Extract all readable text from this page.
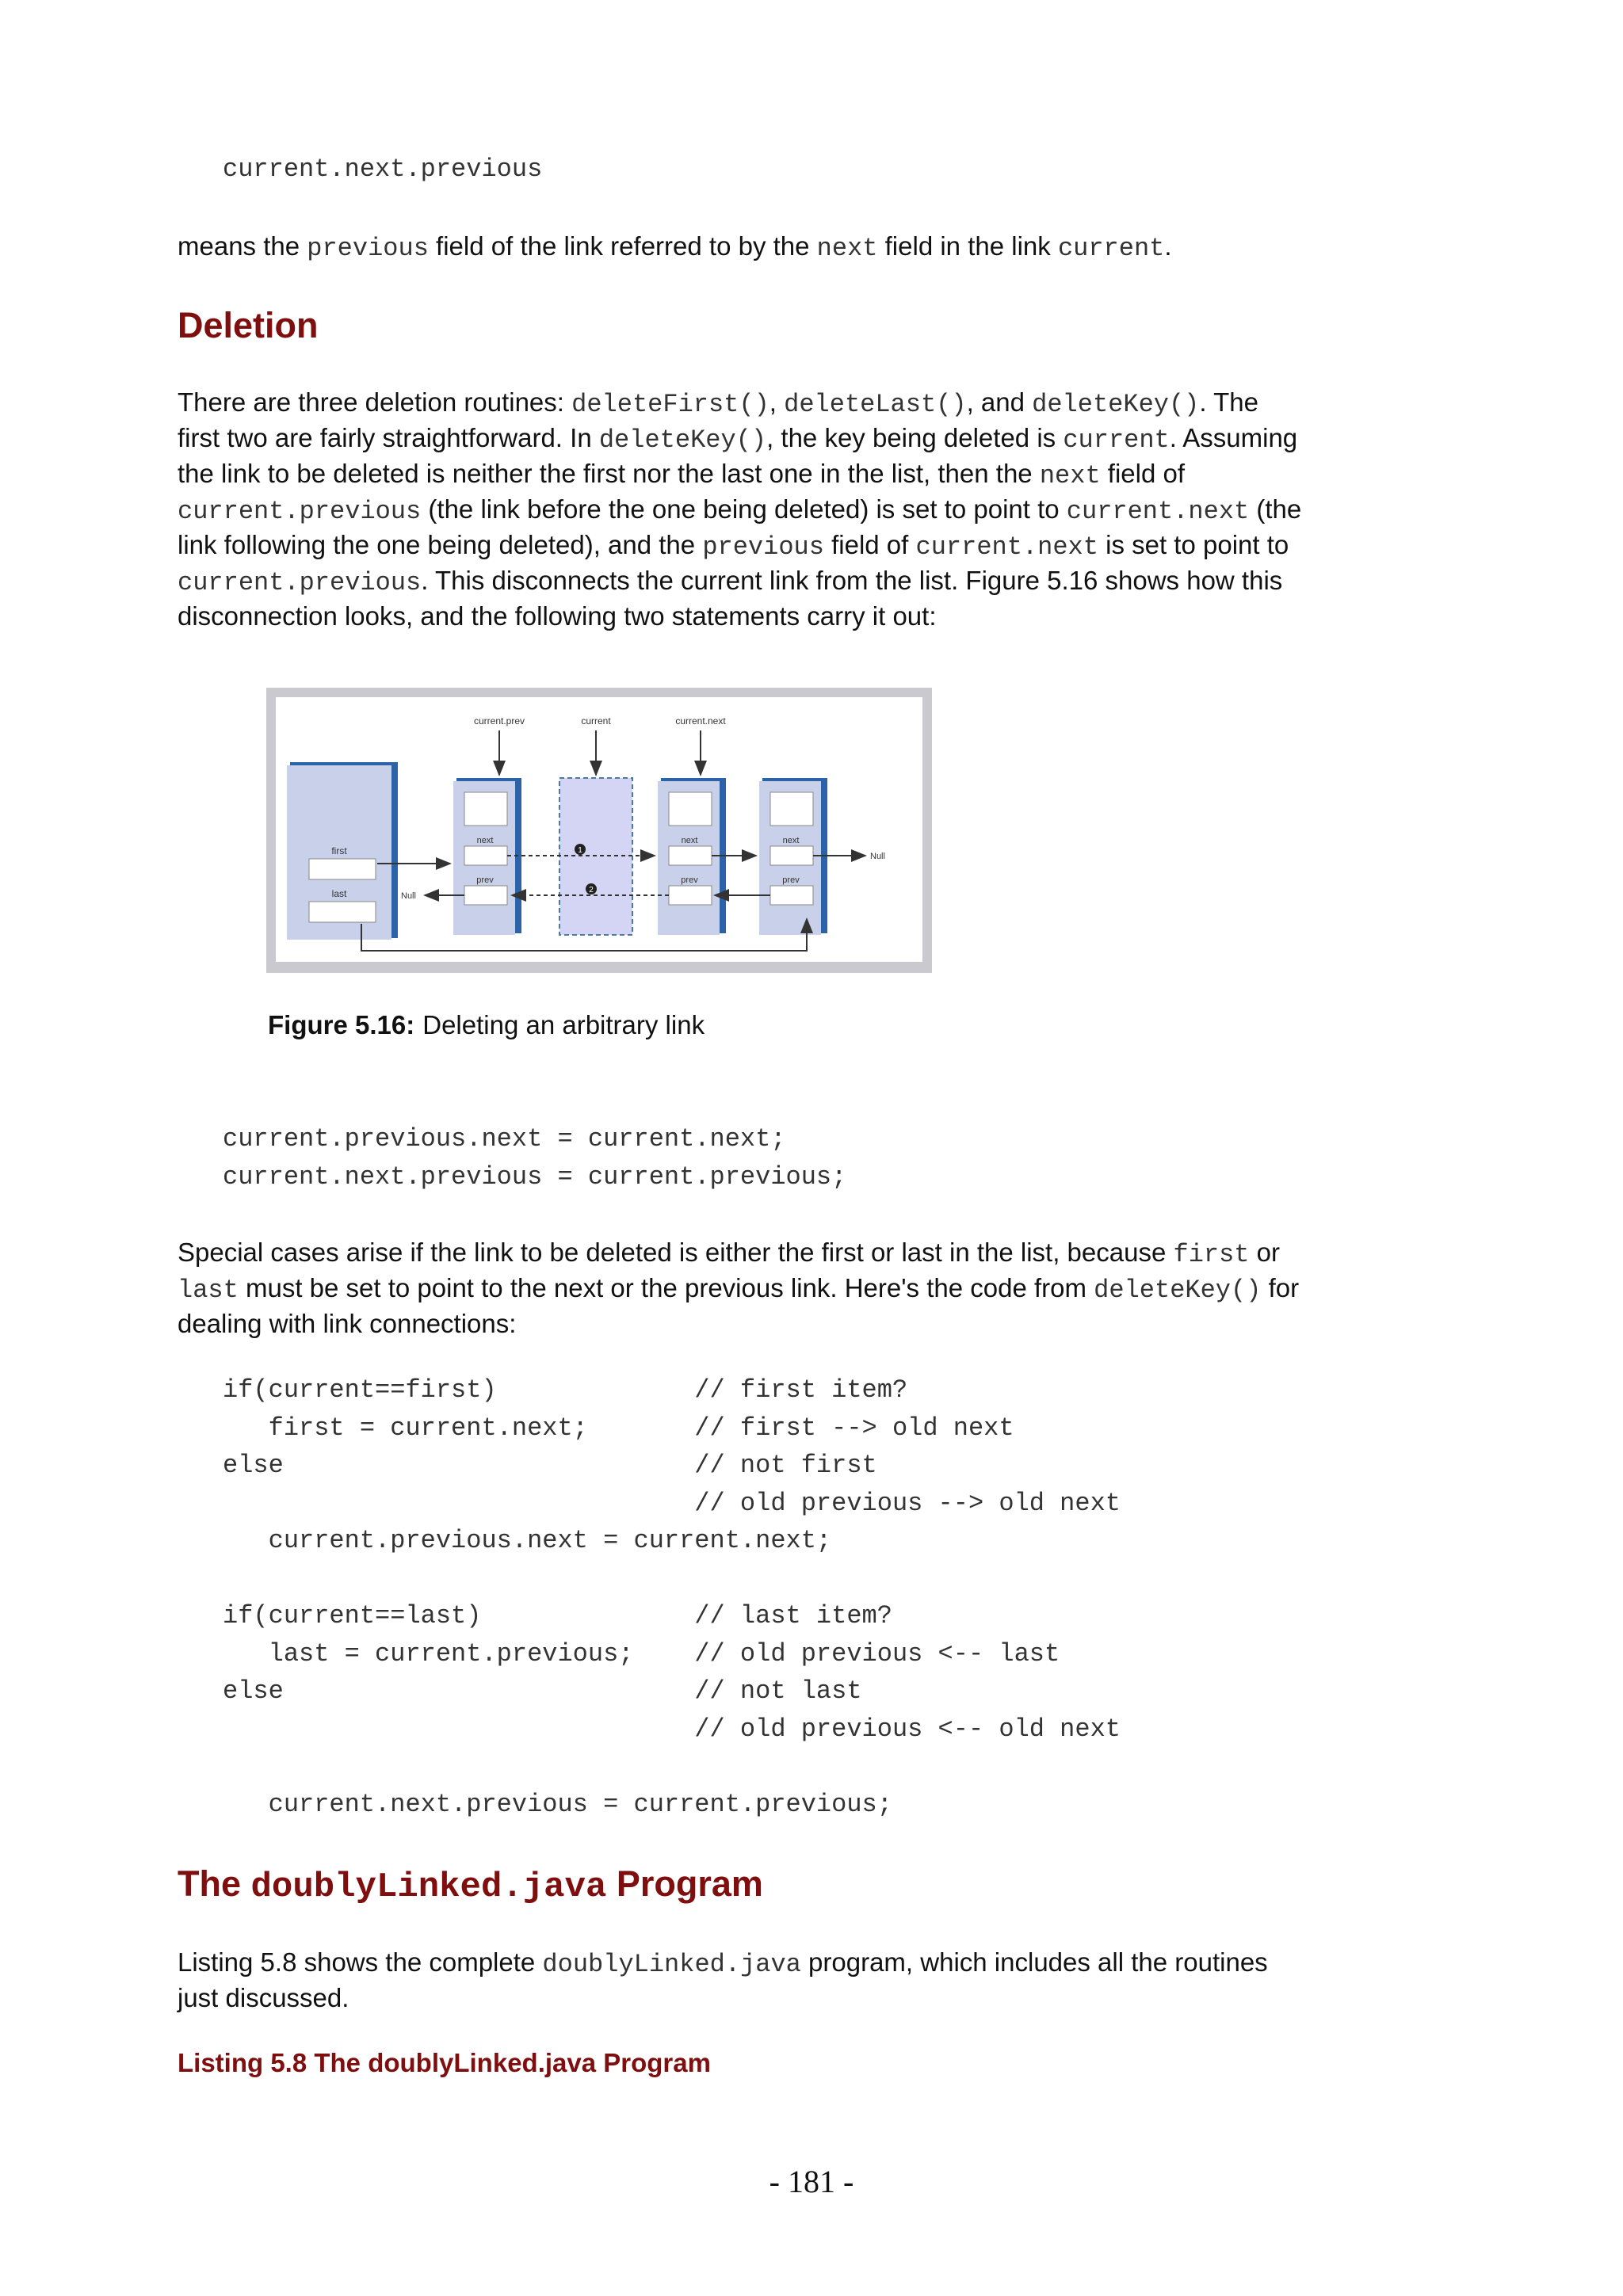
current.next.previous

means the previous field of the link referred to by the next field in the link current.

Deletion

There are three deletion routines: deleteFirst(), deleteLast(), and deleteKey(). The first two are fairly straightforward. In deleteKey(), the key being deleted is current. Assuming the link to be deleted is neither the first nor the last one in the list, then the next field of current.previous (the link before the one being deleted) is set to point to current.next (the link following the one being deleted), and the previous field of current.next is set to point to current.previous. This disconnects the current link from the list. Figure 5.16 shows how this disconnection looks, and the following two statements carry it out:

current.prev	current	current.next
first
last
next
prev
next
prev
next
prev
Null
Null
1
2

Figure 5.16: Deleting an arbitrary link

current.previous.next = current.next;
current.next.previous = current.previous;

Special cases arise if the link to be deleted is either the first or last in the list, because first or last must be set to point to the next or the previous link. Here's the code from deleteKey() for dealing with link connections:

if(current==first)             // first item?
first = current.next;       // first --> old next
else                           // not first
// old previous --> old next
current.previous.next = current.next;
if(current==last)              // last item?
last = current.previous;    // old previous <-- last
else                           // not last
// old previous <-- old next
current.next.previous = current.previous;
The doublyLinked.java Program

Listing 5.8 shows the complete doublyLinked.java program, which includes all the routines just discussed.

Listing 5.8 The doublyLinked.java Program

- 181 -
